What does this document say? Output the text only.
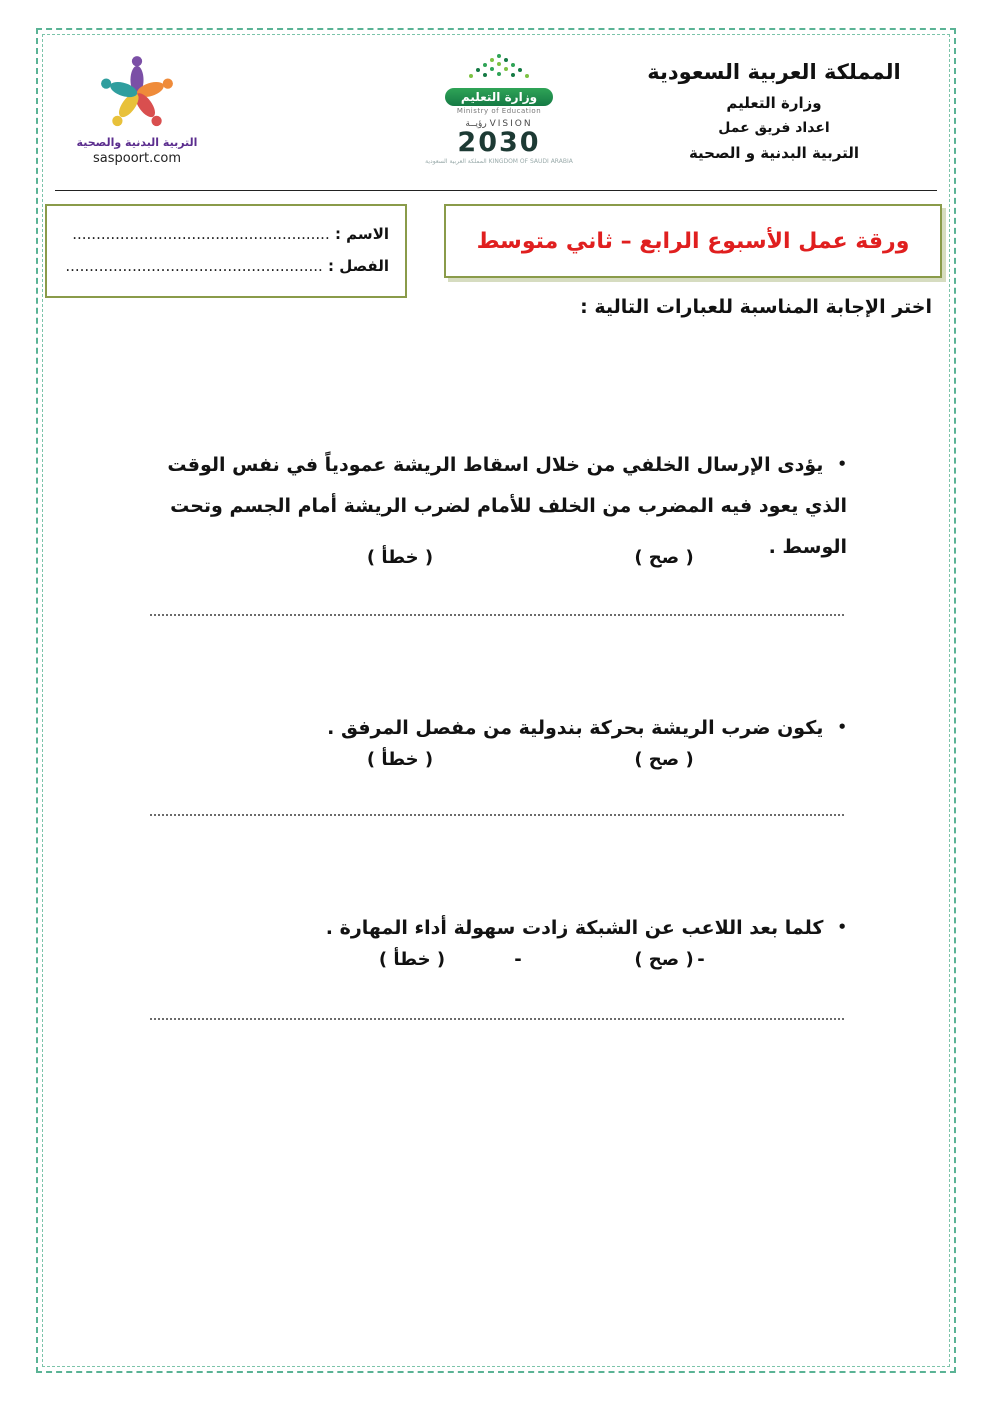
التربية البدنية والصحية
saspoort.com
وزارة التعليم
Ministry of Education
رؤيــة VISION
2030
المملكة العربية السعودية KINGDOM OF SAUDI ARABIA
المملكة العربية السعودية
وزارة التعليم
اعداد فريق عمل
التربية البدنية و الصحية
الاسم : ......................................................
الفصل : ......................................................
ورقة عمل الأسبوع الرابع – ثاني متوسط
اختر الإجابة المناسبة للعبارات التالية :
•يؤدى الإرسال الخلفي من خلال اسقاط الريشة عمودياً في نفس الوقت الذي يعود فيه المضرب من الخلف للأمام لضرب الريشة أمام الجسم وتحت الوسط .
( صح )
( خطأ )
•يكون ضرب الريشة بحركة بندولية من مفصل المرفق .
( صح )
( خطأ )
•كلما بعد اللاعب عن الشبكة زادت سهولة أداء المهارة .
-
( صح )
-
( خطأ )
